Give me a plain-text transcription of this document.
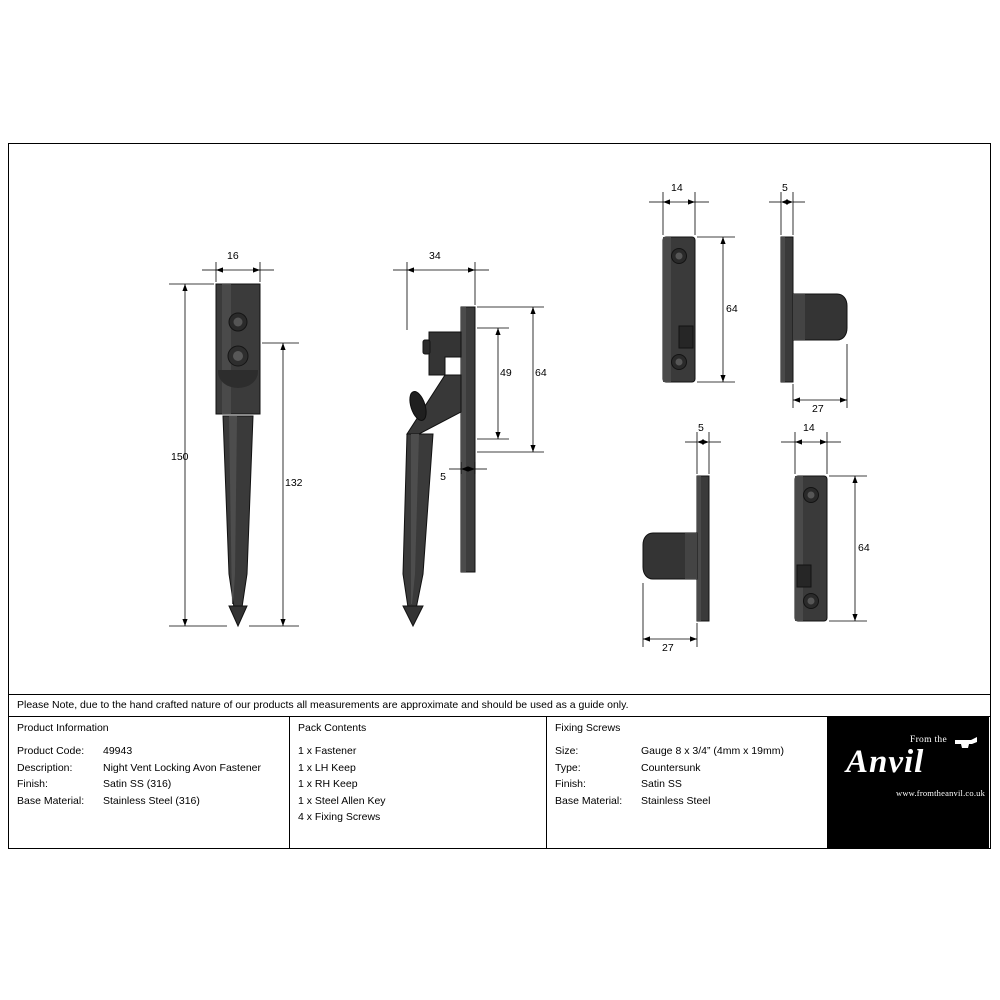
16
150
132
34
49 64
5
14
64
5
27
5
27
14
64
Please Note, due to the hand crafted nature of our products all measurements are approximate and should be used as a guide only.
Product Information
Product Code:	49943
Description:	Night Vent Locking Avon Fastener
Finish:	Satin SS (316)
Base Material:	Stainless Steel (316)
Pack Contents
1 x Fastener
1 x LH Keep
1 x RH Keep
1 x Steel Allen Key
4 x Fixing Screws
Fixing Screws
Size:	Gauge 8 x 3/4” (4mm x 19mm)
Type:	Countersunk
Finish:	Satin SS
Base Material:	Stainless Steel
From the
Anvil
www.fromtheanvil.co.uk
